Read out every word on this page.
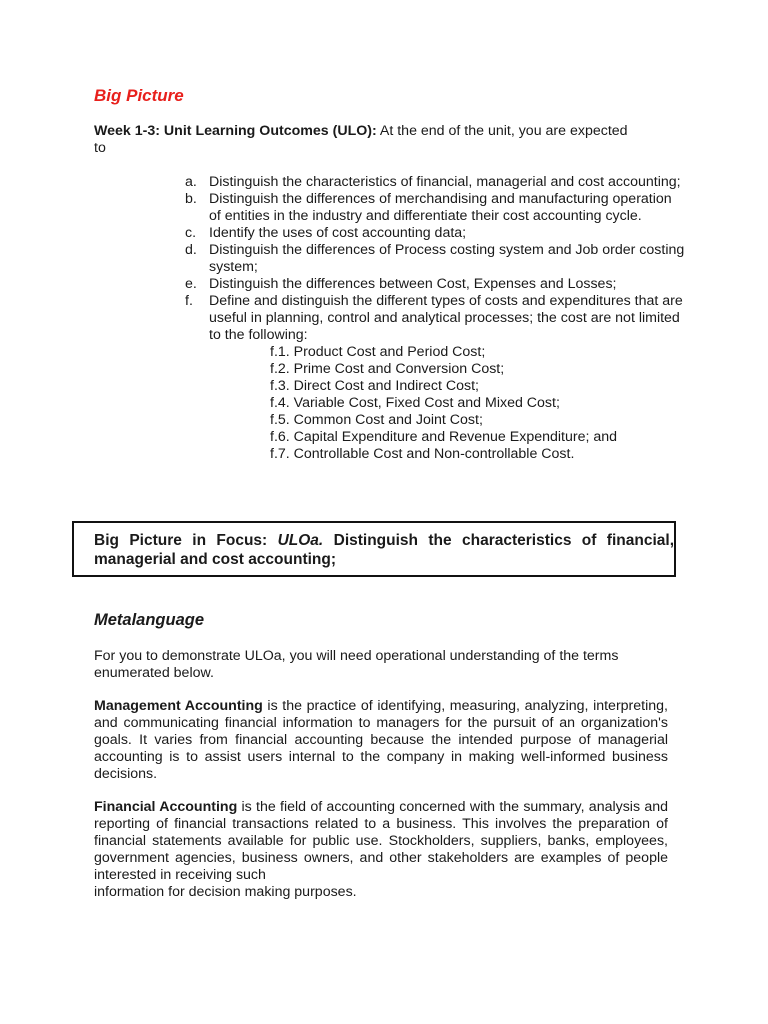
Big Picture
Week 1-3: Unit Learning Outcomes (ULO): At the end of the unit, you are expected to
a. Distinguish the characteristics of financial, managerial and cost accounting;
b. Distinguish the differences of merchandising and manufacturing operation of entities in the industry and differentiate their cost accounting cycle.
c. Identify the uses of cost accounting data;
d. Distinguish the differences of Process costing system and Job order costing system;
e. Distinguish the differences between Cost, Expenses and Losses;
f. Define and distinguish the different types of costs and expenditures that are useful in planning, control and analytical processes; the cost are not limited to the following:
f.1. Product Cost and Period Cost;
f.2. Prime Cost and Conversion Cost;
f.3. Direct Cost and Indirect Cost;
f.4. Variable Cost, Fixed Cost and Mixed Cost;
f.5. Common Cost and Joint Cost;
f.6. Capital Expenditure and Revenue Expenditure; and
f.7. Controllable Cost and Non-controllable Cost.
Metalanguage

For you to demonstrate ULOa, you will need operational understanding of the terms enumerated below.

Management Accounting is the practice of identifying, measuring, analyzing, interpreting, and communicating financial information to managers for the pursuit of an organization's goals. It varies from financial accounting because the intended purpose of managerial accounting is to assist users internal to the company in making well-informed business decisions.

Financial Accounting is the field of accounting concerned with the summary, analysis and reporting of financial transactions related to a business. This involves the preparation of financial statements available for public use. Stockholders, suppliers, banks, employees, government agencies, business owners, and other stakeholders are examples of people interested in receiving such
information for decision making purposes.

Big Picture in Focus: ULOa. Distinguish the characteristics of financial, managerial and cost accounting;
